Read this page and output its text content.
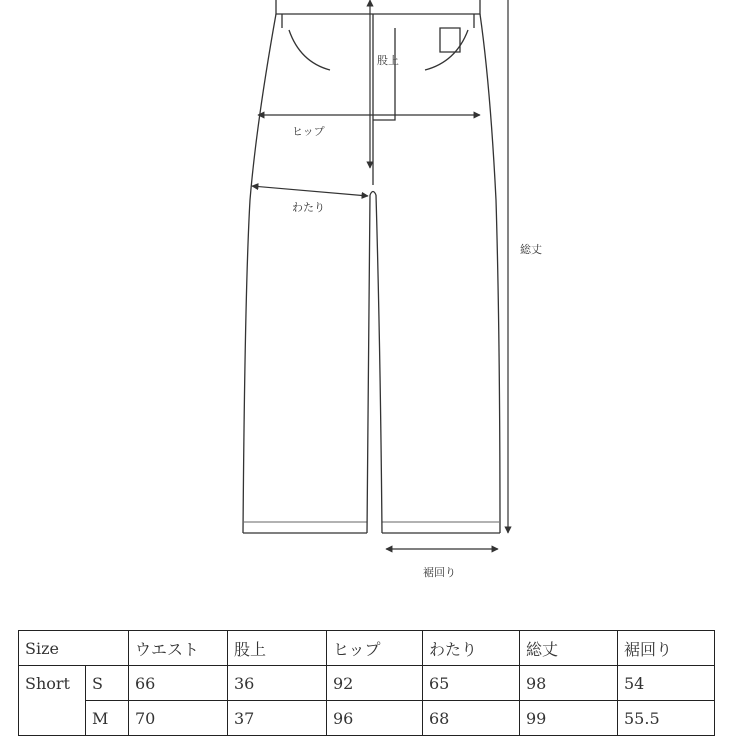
股上
ヒップ
わたり
総丈
裾回り
Size		ウエスト	股上	ヒップ	わたり	総丈	裾回り
Short	S	66	36	92	65	98	54
	M	70	37	96	68	99	55.5
